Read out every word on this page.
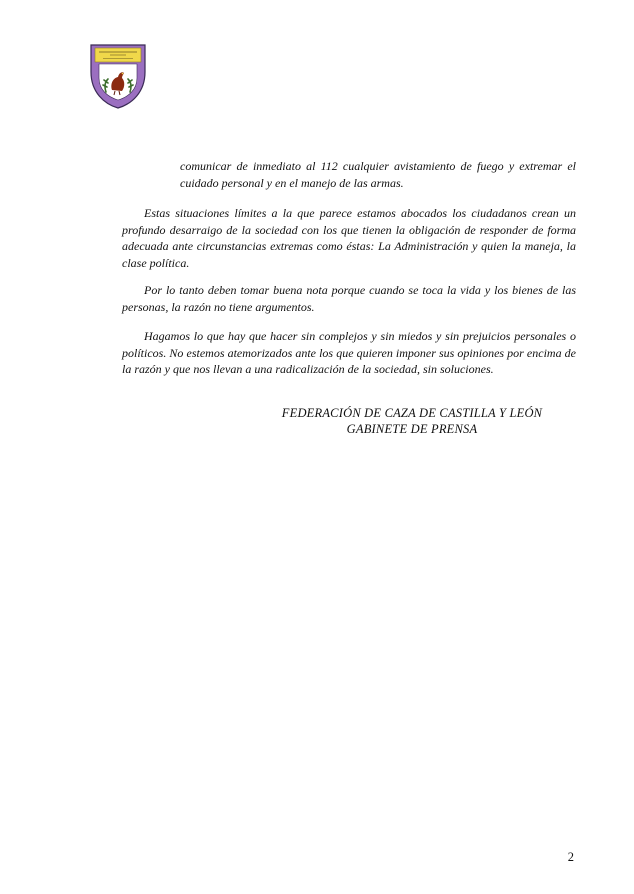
comunicar de inmediato al 112 cualquier avistamiento de fuego y extremar el cuidado personal y en el manejo de las armas.
Estas situaciones límites a la que parece estamos abocados los ciudadanos crean un profundo desarraigo de la sociedad con los que tienen la obligación de responder de forma adecuada ante circunstancias extremas como éstas: La Administración y quien la maneja, la clase política.
Por lo tanto deben tomar buena nota porque cuando se toca la vida y los bienes de las personas, la razón no tiene argumentos.
Hagamos lo que hay que hacer sin complejos y sin miedos y sin prejuicios personales o políticos. No estemos atemorizados ante los que quieren imponer sus opiniones por encima de la razón y que nos llevan a una radicalización de la sociedad, sin soluciones.
FEDERACIÓN DE CAZA DE CASTILLA Y LEÓN
GABINETE DE PRENSA
2
